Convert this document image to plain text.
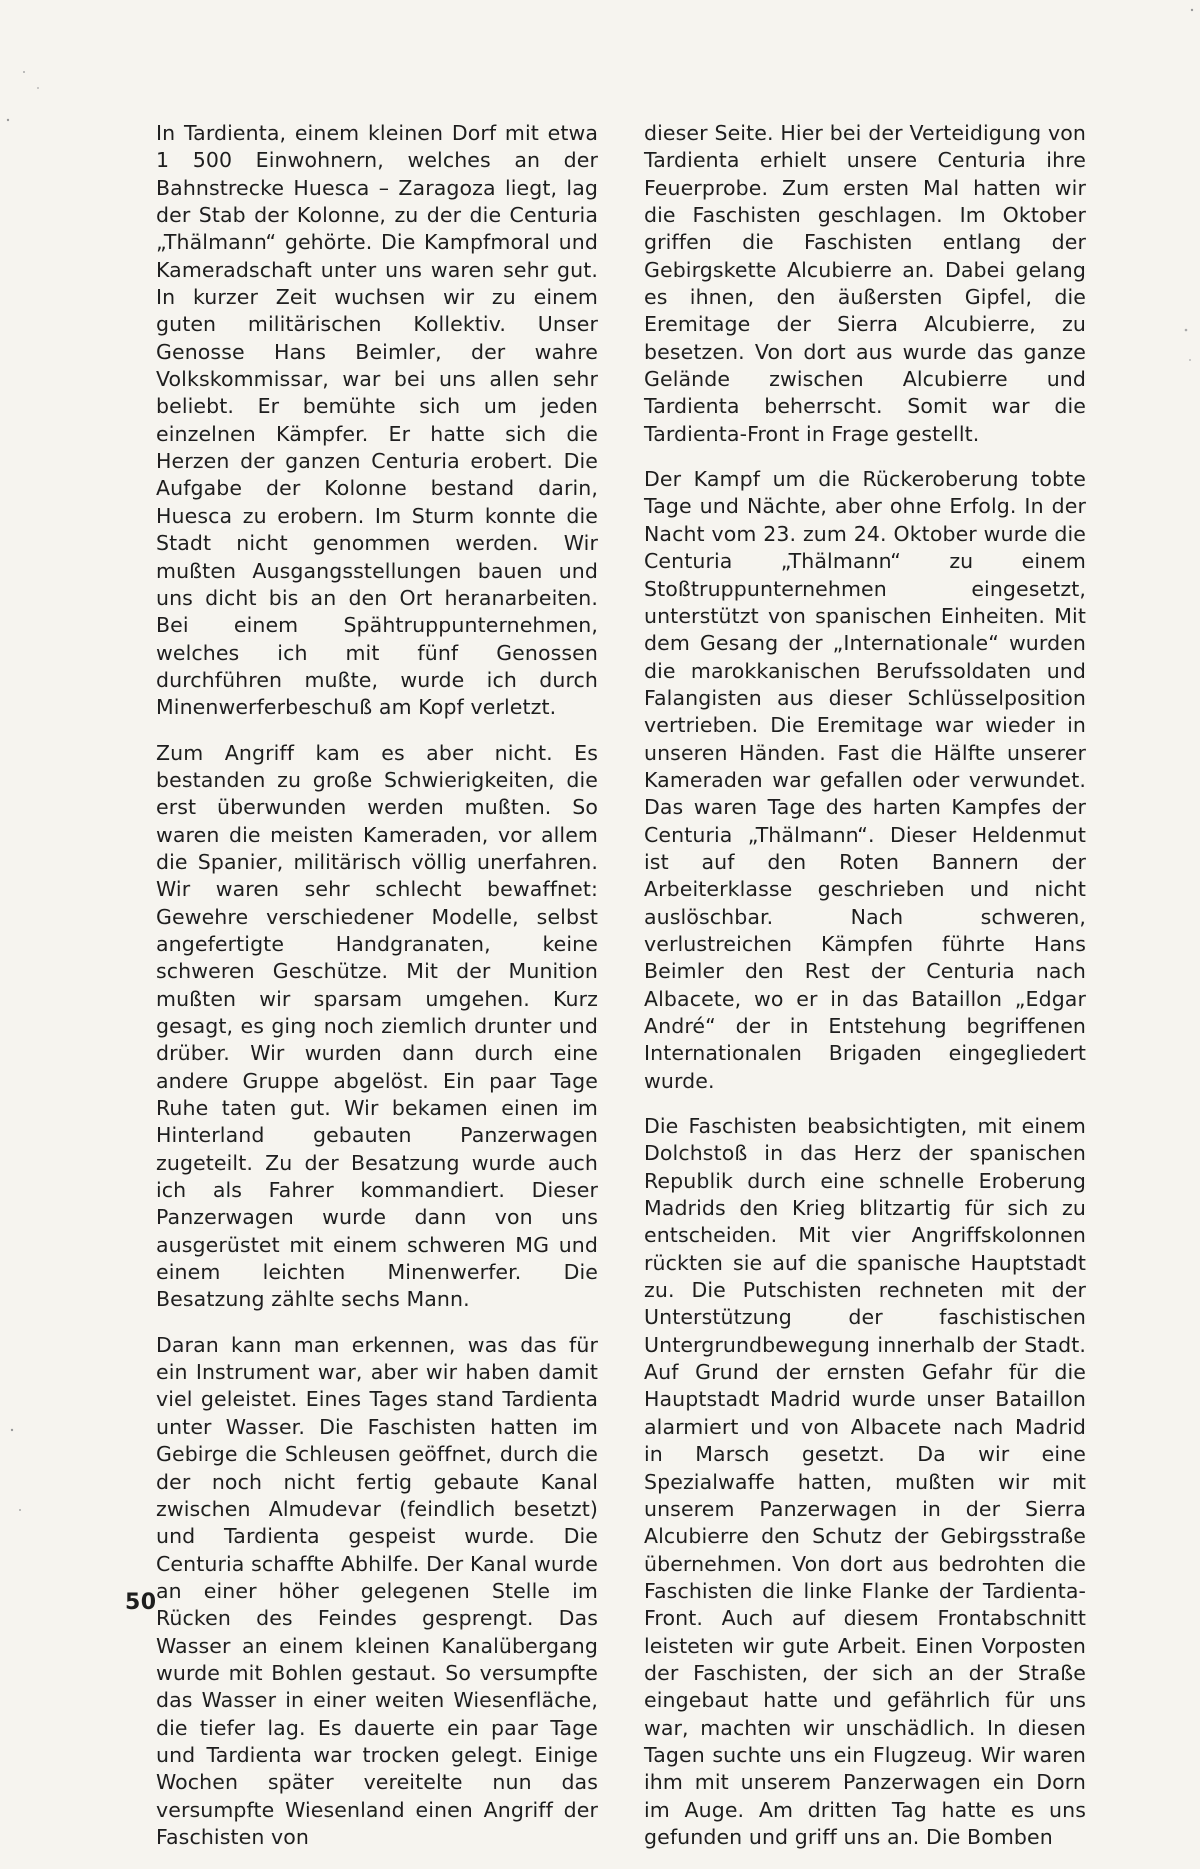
In Tardienta, einem kleinen Dorf mit etwa 1 500 Einwohnern, welches an der Bahnstrecke Huesca – Zaragoza liegt, lag der Stab der Kolonne, zu der die Centuria „Thälmann“ gehörte. Die Kampfmoral und Kameradschaft unter uns waren sehr gut. In kurzer Zeit wuchsen wir zu einem guten militärischen Kollektiv. Unser Genosse Hans Beimler, der wahre Volkskommissar, war bei uns allen sehr beliebt. Er bemühte sich um jeden einzelnen Kämpfer. Er hatte sich die Herzen der ganzen Centuria erobert. Die Aufgabe der Kolonne bestand darin, Huesca zu erobern. Im Sturm konnte die Stadt nicht genommen werden. Wir mußten Ausgangsstellungen bauen und uns dicht bis an den Ort heranarbeiten. Bei einem Spähtruppunternehmen, welches ich mit fünf Genossen durchführen mußte, wurde ich durch Minenwerferbeschuß am Kopf verletzt.

Zum Angriff kam es aber nicht. Es bestanden zu große Schwierigkeiten, die erst überwunden werden mußten. So waren die meisten Kameraden, vor allem die Spanier, militärisch völlig unerfahren. Wir waren sehr schlecht bewaffnet: Gewehre verschiedener Modelle, selbst angefertigte Handgranaten, keine schweren Geschütze. Mit der Munition mußten wir sparsam umgehen. Kurz gesagt, es ging noch ziemlich drunter und drüber. Wir wurden dann durch eine andere Gruppe abgelöst. Ein paar Tage Ruhe taten gut. Wir bekamen einen im Hinterland gebauten Panzerwagen zugeteilt. Zu der Besatzung wurde auch ich als Fahrer kommandiert. Dieser Panzerwagen wurde dann von uns ausgerüstet mit einem schweren MG und einem leichten Minenwerfer. Die Besatzung zählte sechs Mann.

Daran kann man erkennen, was das für ein Instrument war, aber wir haben damit viel geleistet. Eines Tages stand Tardienta unter Wasser. Die Faschisten hatten im Gebirge die Schleusen geöffnet, durch die der noch nicht fertig gebaute Kanal zwischen Almudevar (feindlich besetzt) und Tardienta gespeist wurde. Die Centuria schaffte Abhilfe. Der Kanal wurde an einer höher gelegenen Stelle im Rücken des Feindes gesprengt. Das Wasser an einem kleinen Kanalübergang wurde mit Bohlen gestaut. So versumpfte das Wasser in einer weiten Wiesenfläche, die tiefer lag. Es dauerte ein paar Tage und Tardienta war trocken gelegt. Einige Wochen später vereitelte nun das versumpfte Wiesenland einen Angriff der Faschisten von

dieser Seite. Hier bei der Verteidigung von Tardienta erhielt unsere Centuria ihre Feuerprobe. Zum ersten Mal hatten wir die Faschisten geschlagen. Im Oktober griffen die Faschisten entlang der Gebirgskette Alcubierre an. Dabei gelang es ihnen, den äußersten Gipfel, die Eremitage der Sierra Alcubierre, zu besetzen. Von dort aus wurde das ganze Gelände zwischen Alcubierre und Tardienta beherrscht. Somit war die Tardienta-Front in Frage gestellt.

Der Kampf um die Rückeroberung tobte Tage und Nächte, aber ohne Erfolg. In der Nacht vom 23. zum 24. Oktober wurde die Centuria „Thälmann“ zu einem Stoßtruppunternehmen eingesetzt, unterstützt von spanischen Einheiten. Mit dem Gesang der „Internationale“ wurden die marokkanischen Berufssoldaten und Falangisten aus dieser Schlüsselposition vertrieben. Die Eremitage war wieder in unseren Händen. Fast die Hälfte unserer Kameraden war gefallen oder verwundet. Das waren Tage des harten Kampfes der Centuria „Thälmann“. Dieser Heldenmut ist auf den Roten Bannern der Arbeiterklasse geschrieben und nicht auslöschbar. Nach schweren, verlustreichen Kämpfen führte Hans Beimler den Rest der Centuria nach Albacete, wo er in das Bataillon „Edgar André“ der in Entstehung begriffenen Internationalen Brigaden eingegliedert wurde.

Die Faschisten beabsichtigten, mit einem Dolchstoß in das Herz der spanischen Republik durch eine schnelle Eroberung Madrids den Krieg blitzartig für sich zu entscheiden. Mit vier Angriffskolonnen rückten sie auf die spanische Hauptstadt zu. Die Putschisten rechneten mit der Unterstützung der faschistischen Untergrundbewegung innerhalb der Stadt. Auf Grund der ernsten Gefahr für die Hauptstadt Madrid wurde unser Bataillon alarmiert und von Albacete nach Madrid in Marsch gesetzt. Da wir eine Spezialwaffe hatten, mußten wir mit unserem Panzerwagen in der Sierra Alcubierre den Schutz der Gebirgsstraße übernehmen. Von dort aus bedrohten die Faschisten die linke Flanke der Tardienta-Front. Auch auf diesem Frontabschnitt leisteten wir gute Arbeit. Einen Vorposten der Faschisten, der sich an der Straße eingebaut hatte und gefährlich für uns war, machten wir unschädlich. In diesen Tagen suchte uns ein Flugzeug. Wir waren ihm mit unserem Panzerwagen ein Dorn im Auge. Am dritten Tag hatte es uns gefunden und griff uns an. Die Bomben

50
